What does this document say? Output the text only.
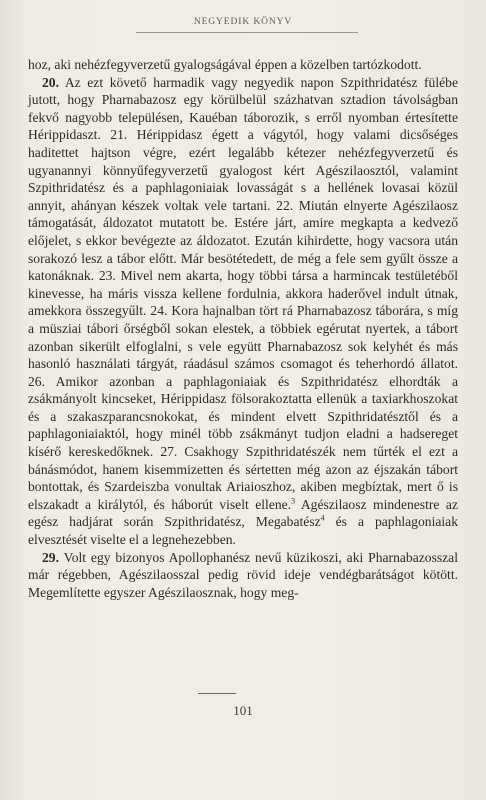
NEGYEDIK KÖNYV

hoz, aki nehézfegyverzetű gyalogságával éppen a közelben tartózkodott.

20. Az ezt követő harmadik vagy negyedik napon Szpithridatész fülébe jutott, hogy Pharnabazosz egy körülbelül százhatvan sztadion távolságban fekvő nagyobb településen, Kauéban táborozik, s erről nyomban értesítette Hérippidaszt. 21. Hérippidasz égett a vágytól, hogy valami dicsőséges haditettet hajtson végre, ezért legalább kétezer nehézfegyverzetű és ugyanannyi könnyűfegyverzetű gyalogost kért Agészilaosztól, valamint Szpithridatész és a paphlagoniaiak lovasságát s a hellének lovasai közül annyit, ahányan készek voltak vele tartani. 22. Miután elnyerte Agészilaosz támogatását, áldozatot mutatott be. Estére járt, amire megkapta a kedvező előjelet, s ekkor bevégezte az áldozatot. Ezután kihirdette, hogy vacsora után sorakozó lesz a tábor előtt. Már besötétedett, de még a fele sem gyűlt össze a katonáknak. 23. Mivel nem akarta, hogy többi társa a harmincak testületéből kinevesse, ha máris vissza kellene fordulnia, akkora haderővel indult útnak, amekkora összegyűlt. 24. Kora hajnalban tört rá Pharnabazosz táborára, s míg a müsziai tábori őrségből sokan elestek, a többiek egérutat nyertek, a tábort azonban sikerült elfoglalni, s vele együtt Pharnabazosz sok kelyhét és más hasonló használati tárgyát, ráadásul számos csomagot és teherhordó állatot. 26. Amikor azonban a paphlagoniaiak és Szpithridatész elhordták a zsákmányolt kincseket, Hérippidasz fölsorakoztatta ellenük a taxiarkhoszokat és a szakaszparancsnokokat, és mindent elvett Szpithridatésztől és a paphlagoniaiaktól, hogy minél több zsákmányt tudjon eladni a hadsereget kísérő kereskedőknek. 27. Csakhogy Szpithridatészék nem tűrték el ezt a bánásmódot, hanem kisemmizetten és sértetten még azon az éjszakán tábort bontottak, és Szardeiszba vonultak Ariaioszhoz, akiben megbíztak, mert ő is elszakadt a királytól, és háborút viselt ellene.$^3$ Agészilaosz mindenestre az egész hadjárat során Szpithridatész, Megabatész$^4$ és a paphlagoniaiak elvesztését viselte el a legnehezebben.

29. Volt egy bizonyos Apollophanész nevű küzikoszi, aki Pharnabazosszal már régebben, Agészilaosszal pedig rövid ideje vendégbarátságot kötött. Megemlítette egyszer Agészilaosznak, hogy meg-

101
